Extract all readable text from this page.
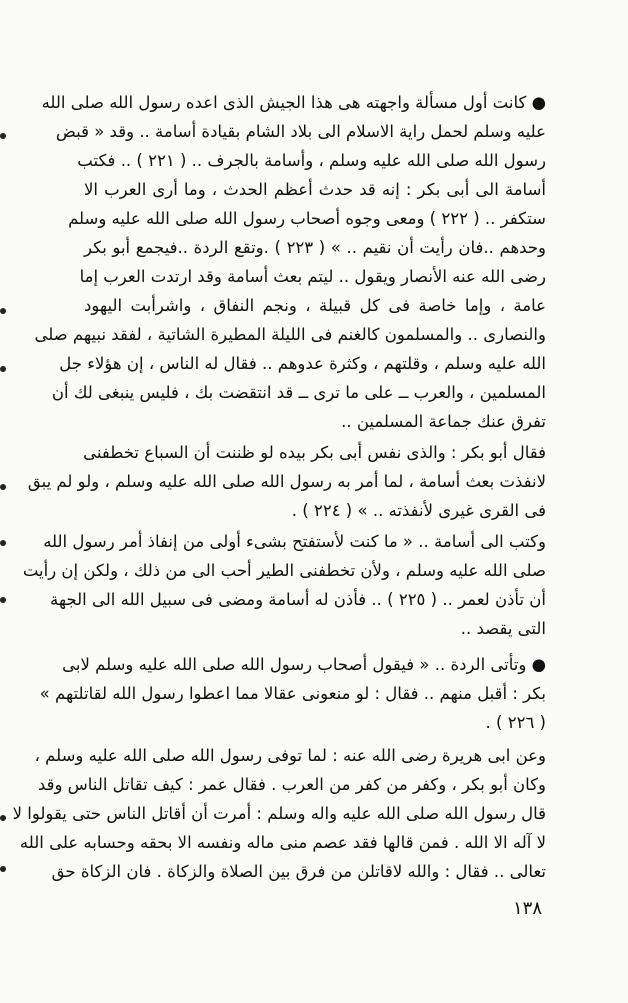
● كانت أول مسألة واجهته هى هذا الجيش الذى اعده رسول الله صلى الله
عليه وسلم لحمل راية الاسلام الى بلاد الشام بقيادة أسامة .. وقد « قبض
رسول الله صلى الله عليه وسلم ، وأسامة بالجرف .. ( ٢٢١ ) .. فكتب
أسامة الى أبى بكر : إنه قد حدث أعظم الحدث ، وما أرى العرب الا
ستكفر .. ( ٢٢٢ ) ومعى وجوه أصحاب رسول الله صلى الله عليه وسلم
وحدهم ..فان رأيت أن نقيم .. » ( ٢٢٣ ) .وتقع الردة ..فيجمع أبو بكر
رضى الله عنه الأنصار ويقول .. ليتم بعث أسامة وقد ارتدت العرب إما
عامة ، وإما خاصة فى كل قبيلة ، ونجم النفاق ، واشرأبت اليهود
والنصارى .. والمسلمون كالغنم فى الليلة المطيرة الشاتية ، لفقد نبيهم صلى
الله عليه وسلم ، وقلتهم ، وكثرة عدوهم .. فقال له الناس ، إن هؤلاء جل
المسلمين ، والعرب ــ على ما ترى ــ قد انتقضت بك ، فليس ينبغى لك أن
تفرق عنك جماعة المسلمين ..
فقال أبو بكر : والذى نفس أبى بكر بيده لو ظننت أن السباع تخطفنى
لانفذت بعث أسامة ، لما أمر به رسول الله صلى الله عليه وسلم ، ولو لم يبق
فى القرى غيرى لأنفذته .. » ( ٢٢٤ ) .
وكتب الى أسامة .. « ما كنت لأستفتح بشىء أولى من إنفاذ أمر رسول الله
صلى الله عليه وسلم ، ولأن تخطفنى الطير أحب الى من ذلك ، ولكن إن رأيت
أن تأذن لعمر .. ( ٢٢٥ ) .. فأذن له أسامة ومضى فى سبيل الله الى الجهة
التى يقصد ..
● وتأتى الردة .. « فيقول أصحاب رسول الله صلى الله عليه وسلم لابى
بكر : أقبل منهم .. فقال : لو منعونى عقالا مما اعطوا رسول الله لقاتلتهم »
( ٢٢٦ ) .
وعن ابى هريرة رضى الله عنه : لما توفى رسول الله صلى الله عليه وسلم ،
وكان أبو بكر ، وكفر من كفر من العرب . فقال عمر : كيف تقاتل الناس وقد
قال رسول الله صلى الله عليه واله وسلم : أمرت أن أقاتل الناس حتى يقولوا لا
لا آله الا الله . فمن قالها فقد عصم منى ماله ونفسه الا بحقه وحسابه على الله
تعالى .. فقال : والله لاقاتلن من فرق بين الصلاة والزكاة . فان الزكاة حق
١٣٨
